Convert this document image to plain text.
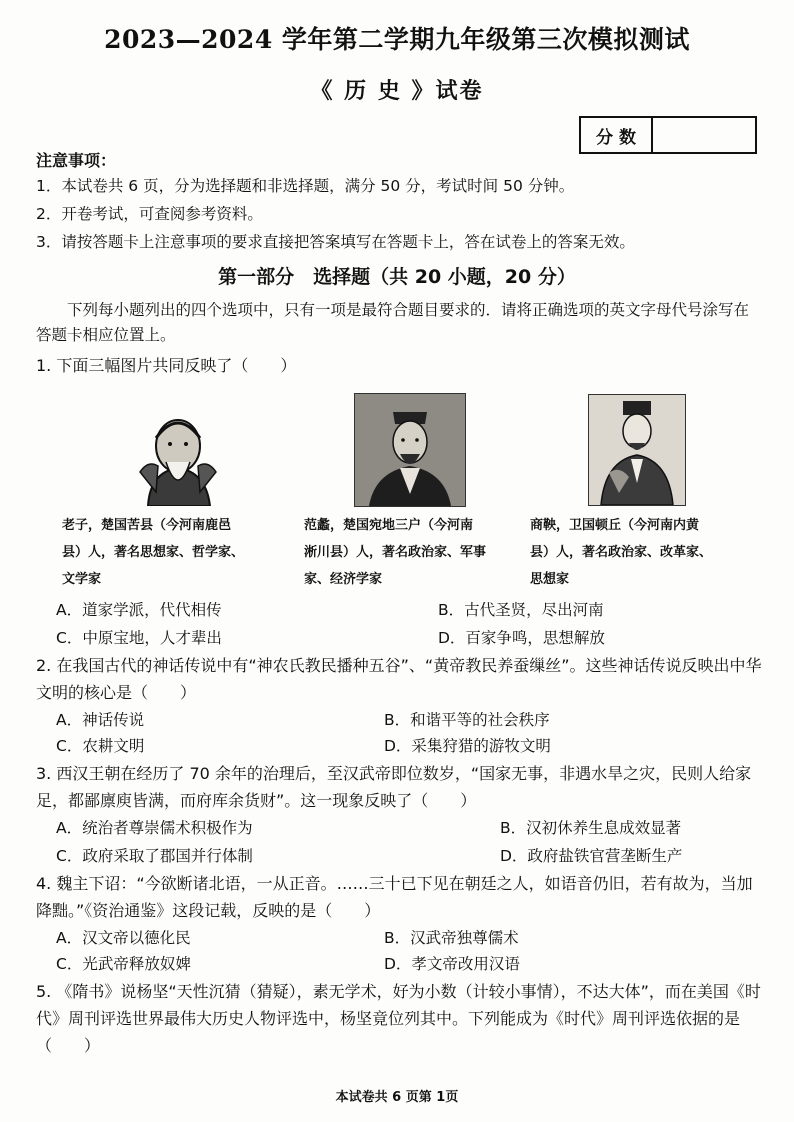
2023—2024 学年第二学期九年级第三次模拟测试
《 历 史 》试卷
分 数
注意事项：
1．本试卷共 6 页，分为选择题和非选择题，满分 50 分，考试时间 50 分钟。
2．开卷考试，可查阅参考资料。
3．请按答题卡上注意事项的要求直接把答案填写在答题卡上，答在试卷上的答案无效。
第一部分　选择题（共 20 小题，20 分）
下列每小题列出的四个选项中，只有一项是最符合题目要求的．请将正确选项的英文字母代号涂写在答题卡相应位置上。
1. 下面三幅图片共同反映了（　　）
老子，楚国苦县（今河南鹿邑
县）人，著名思想家、哲学家、
文学家
范蠡，楚国宛地三户（今河南
淅川县）人，著名政治家、军事
家、经济学家
商鞅，卫国顿丘（今河南内黄
县）人，著名政治家、改革家、
思想家
A．道家学派，代代相传	B．古代圣贤，尽出河南
C．中原宝地，人才辈出	D．百家争鸣，思想解放
2. 在我国古代的神话传说中有“神农氏教民播种五谷”、“黄帝教民养蚕缫丝”。这些神话传说反映出中华文明的核心是（　　）
A．神话传说	B．和谐平等的社会秩序
C．农耕文明	D．采集狩猎的游牧文明
3. 西汉王朝在经历了 70 余年的治理后，至汉武帝即位数岁，“国家无事，非遇水旱之灾，民则人给家足，都鄙廪庾皆满，而府库余货财”。这一现象反映了（　　）
A．统治者尊崇儒术积极作为	B．汉初休养生息成效显著
C．政府采取了郡国并行体制	D．政府盐铁官营垄断生产
4. 魏主下诏：“今欲断诸北语，一从正音。……三十已下见在朝廷之人，如语音仍旧，若有故为，当加降黜。”《资治通鉴》这段记载，反映的是（　　）
A．汉文帝以德化民	B．汉武帝独尊儒术
C．光武帝释放奴婢	D．孝文帝改用汉语
5. 《隋书》说杨坚“天性沉猜（猜疑），素无学术，好为小数（计较小事情），不达大体”，而在美国《时代》周刊评选世界最伟大历史人物评选中，杨坚竟位列其中。下列能成为《时代》周刊评选依据的是（　　）
本试卷共 6 页第 1页
